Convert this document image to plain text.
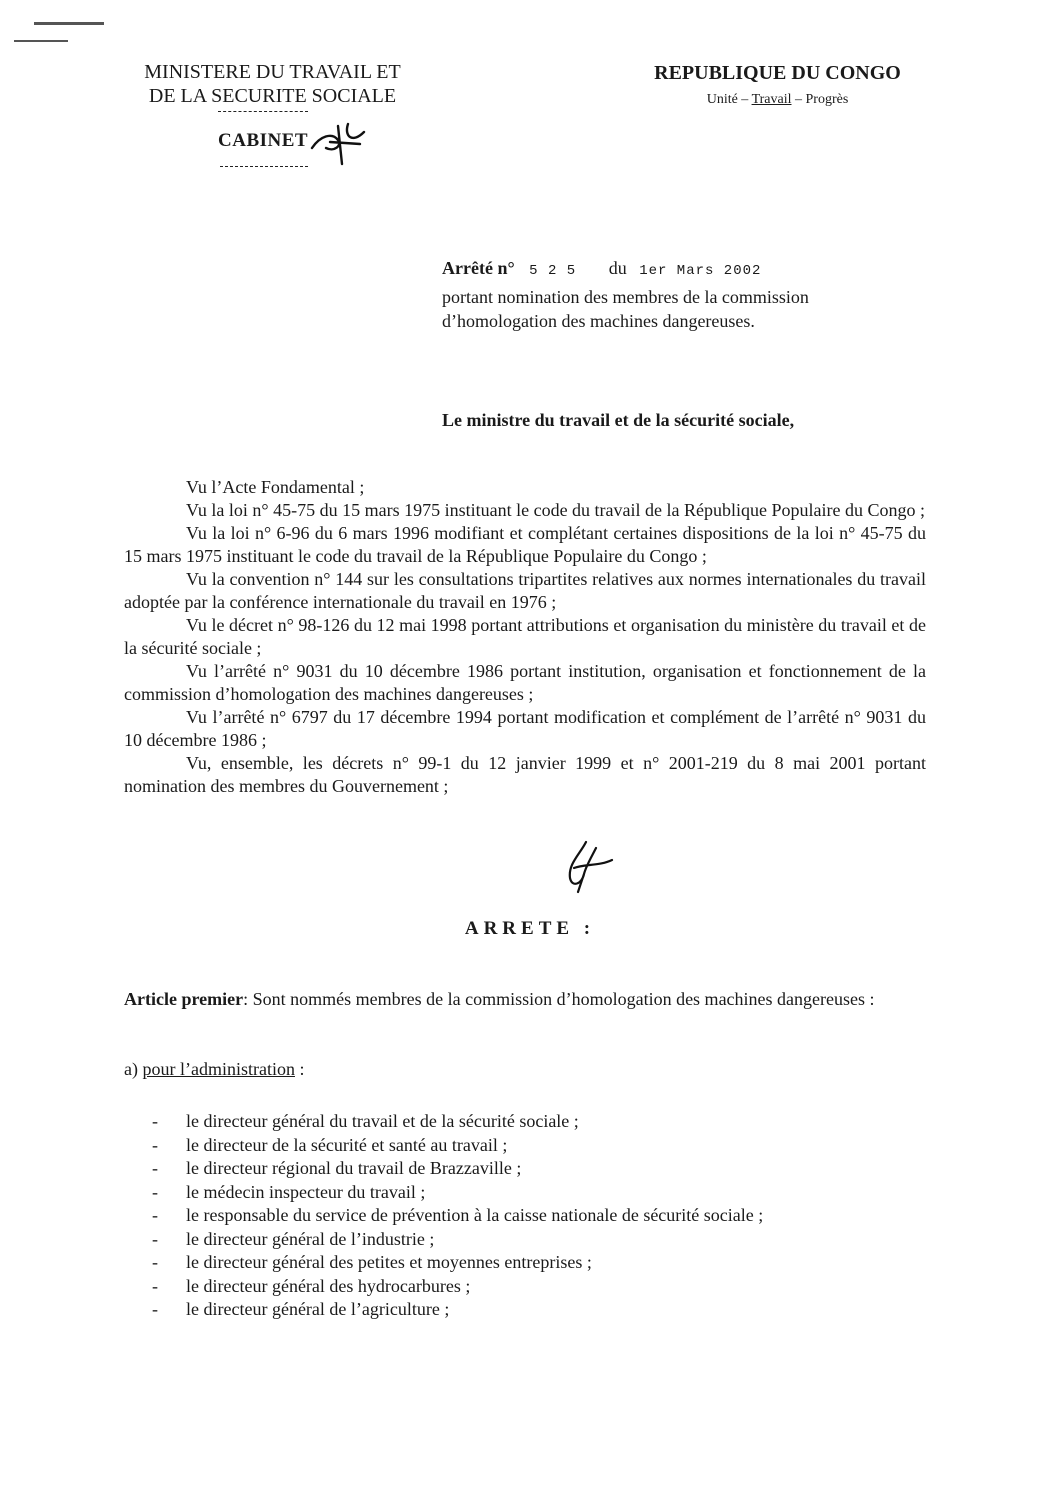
MINISTERE DU TRAVAIL ET
DE LA SECURITE SOCIALE
CABINET
REPUBLIQUE DU CONGO
Unité – Travail – Progrès
Arrêté n° 5 2 5 du 1er Mars 2002
portant nomination des membres de la commission
d’homologation des machines dangereuses.
Le ministre du travail et de la sécurité sociale,

Vu l’Acte Fondamental ;

Vu la loi n° 45-75 du 15 mars 1975 instituant le code du travail de la République Populaire du Congo ;

Vu la loi n° 6-96 du 6 mars 1996 modifiant et complétant certaines dispositions de la loi n° 45-75 du 15 mars 1975 instituant le code du travail de la République Populaire du Congo ;

Vu la convention n° 144 sur les consultations tripartites relatives aux normes internationales du travail adoptée par la conférence internationale du travail en 1976 ;

Vu le décret n° 98-126 du 12 mai 1998 portant attributions et organisation du ministère du travail et de la sécurité sociale ;

Vu l’arrêté n° 9031 du 10 décembre 1986 portant institution, organisation et fonctionnement de la commission d’homologation des machines dangereuses ;

Vu l’arrêté n° 6797 du 17 décembre 1994 portant modification et complément de l’arrêté n° 9031 du 10 décembre 1986 ;

Vu, ensemble, les décrets n° 99-1 du 12 janvier 1999 et n° 2001-219 du 8 mai 2001 portant nomination des membres du Gouvernement ;

ARRETE :
Article premier: Sont nommés membres de la commission d’homologation des machines dangereuses :
a) pour l’administration :
-	le directeur général du travail et de la sécurité sociale ;
-	le directeur de la sécurité et santé au travail ;
-	le directeur régional du travail de Brazzaville ;
-	le médecin inspecteur du travail ;
-	le responsable du service de prévention à la caisse nationale de sécurité sociale ;
-	le directeur général de l’industrie ;
-	le directeur général des petites et moyennes entreprises ;
-	le directeur général des hydrocarbures ;
-	le directeur général de l’agriculture ;
